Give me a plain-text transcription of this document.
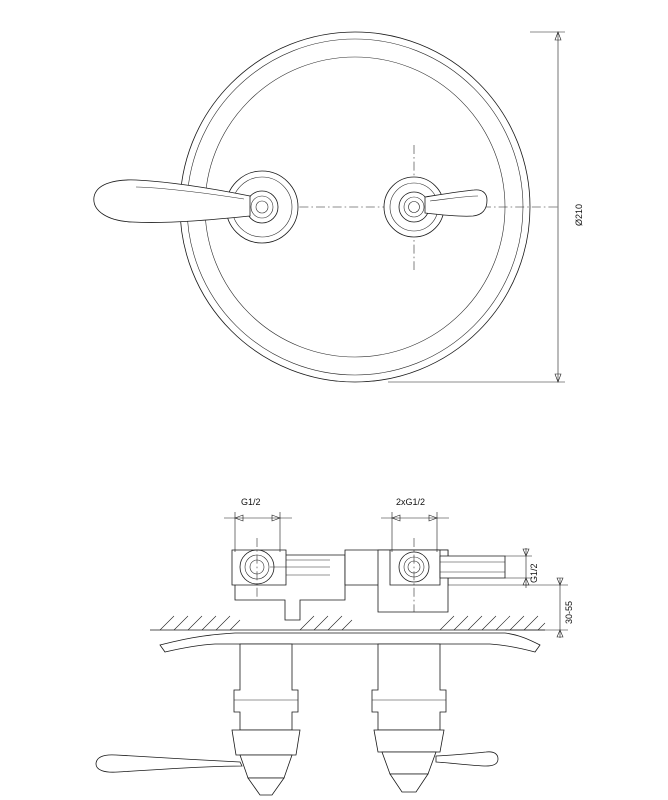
Ø210
G1/2	2xG1/2
G1/2
30-55
